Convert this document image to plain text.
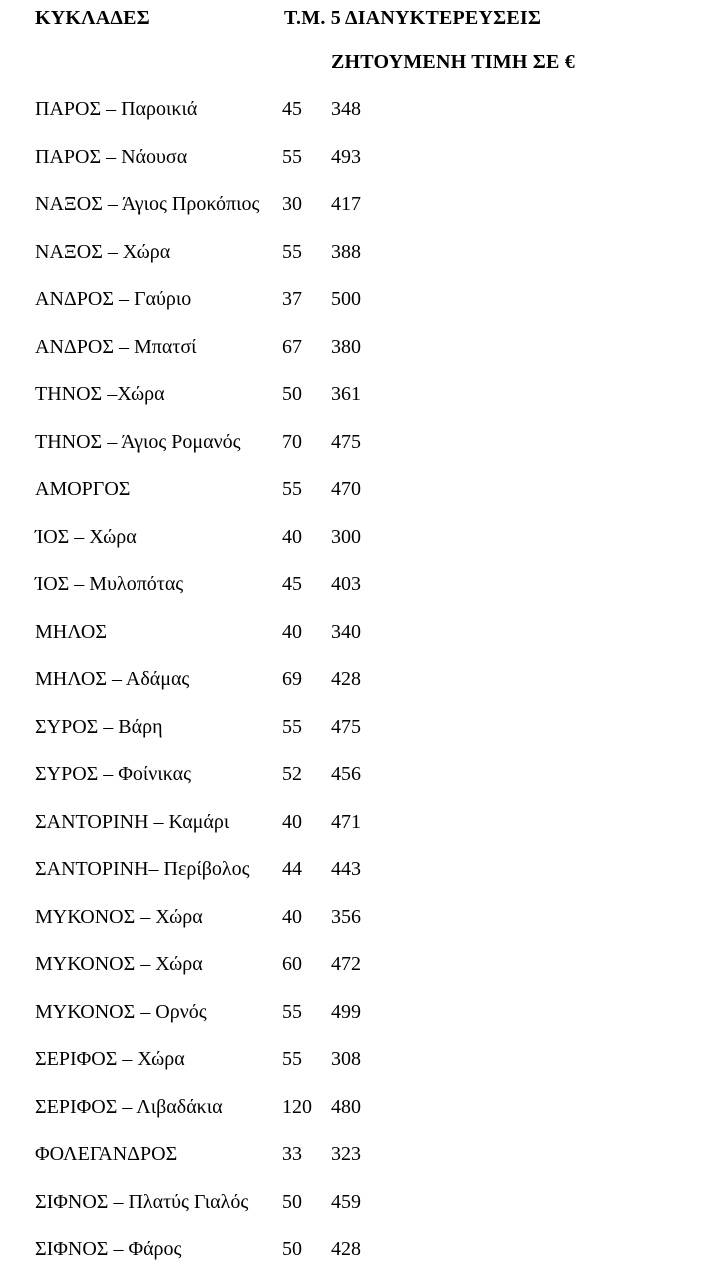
ΚΥΚΛΑΔΕΣ	Τ.Μ. 5 ΔΙΑΝΥΚΤΕΡΕΥΣΕΙΣ
ΖΗΤΟΥΜΕΝΗ ΤΙΜΗ ΣΕ €
ΠΑΡΟΣ – Παροικιά	45 348
ΠΑΡΟΣ – Νάουσα	55 493
ΝΑΞΟΣ – Άγιος Προκόπιος 30 417
ΝΑΞΟΣ – Χώρα	55 388
ΑΝΔΡΟΣ – Γαύριο	37 500
ΑΝΔΡΟΣ – Μπατσί	67 380
ΤΗΝΟΣ –Χώρα	50 361
ΤΗΝΟΣ – Άγιος Ρομανός 70 475
ΑΜΟΡΓΟΣ	55 470
ΊΟΣ – Χώρα	40 300
ΊΟΣ – Μυλοπότας	45 403
ΜΗΛΟΣ	40 340
ΜΗΛΟΣ – Αδάμας	69 428
ΣΥΡΟΣ – Βάρη	55 475
ΣΥΡΟΣ – Φοίνικας	52 456
ΣΑΝΤΟΡΙΝΗ – Καμάρι	40 471
ΣΑΝΤΟΡΙΝΗ– Περίβολος 44 443
ΜΥΚΟΝΟΣ – Χώρα	40 356
ΜΥΚΟΝΟΣ – Χώρα	60 472
ΜΥΚΟΝΟΣ – Ορνός	55 499
ΣΕΡΙΦΟΣ – Χώρα	55 308
ΣΕΡΙΦΟΣ – Λιβαδάκια	120 480
ΦΟΛΕΓΑΝΔΡΟΣ	33 323
ΣΙΦΝΟΣ – Πλατύς Γιαλός 50 459
ΣΙΦΝΟΣ – Φάρος	50 428
